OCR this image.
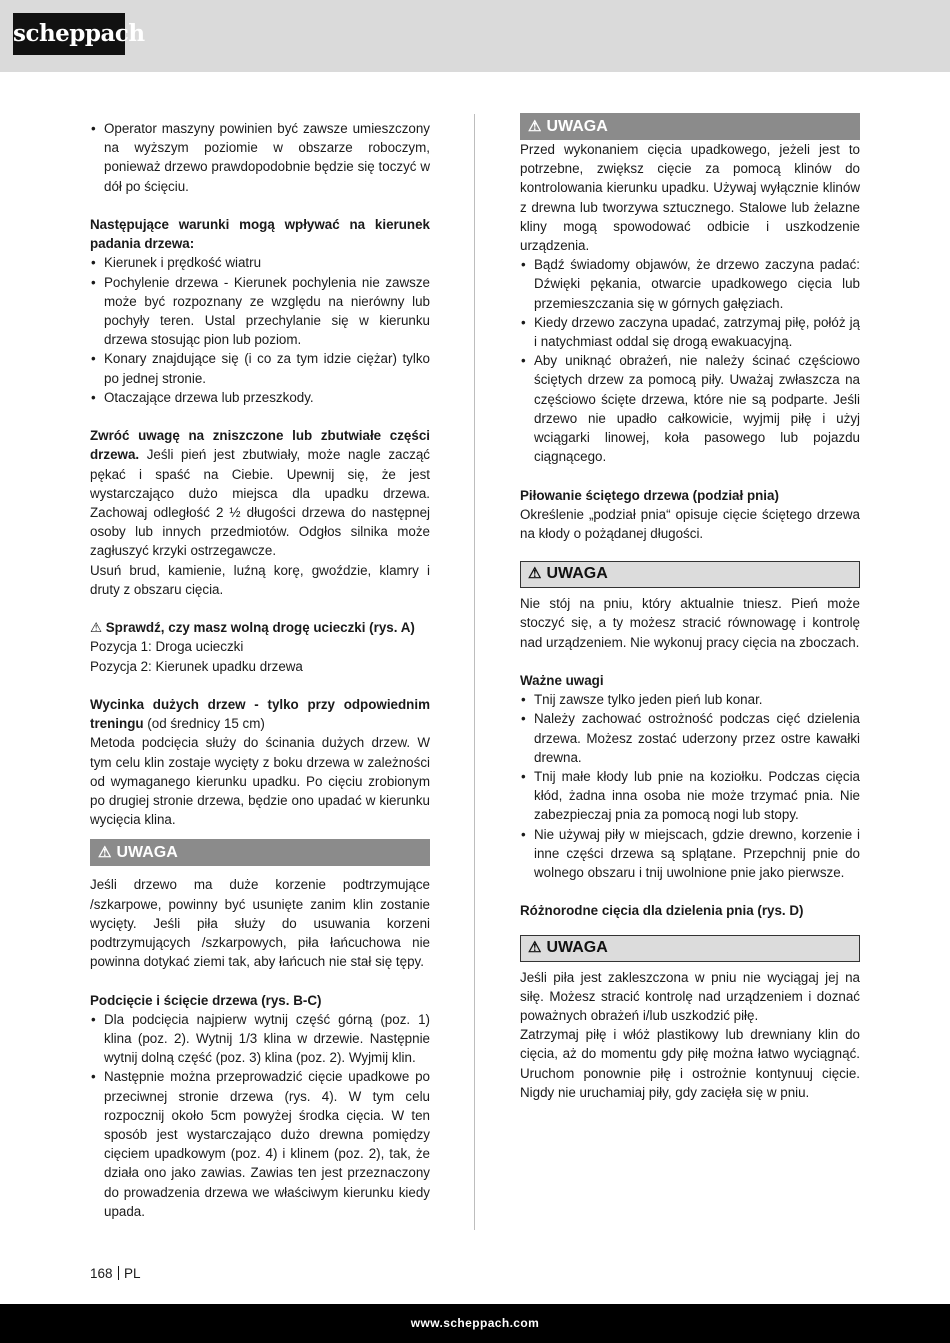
scheppach
• Operator maszyny powinien być zawsze umieszczony na wyższym poziomie w obszarze roboczym, ponieważ drzewo prawdopodobnie będzie się toczyć w dół po ścięciu.

Następujące warunki mogą wpływać na kierunek padania drzewa:

• Kierunek i prędkość wiatru
• Pochylenie drzewa - Kierunek pochylenia nie zawsze może być rozpoznany ze względu na nierówny lub pochyły teren. Ustal przechylanie się w kierunku drzewa stosując pion lub poziom.
• Konary znajdujące się (i co za tym idzie ciężar) tylko po jednej stronie.
• Otaczające drzewa lub przeszkody.

Zwróć uwagę na zniszczone lub zbutwiałe części drzewa. Jeśli pień jest zbutwiały, może nagle zacząć pękać i spaść na Ciebie. Upewnij się, że jest wystarczająco dużo miejsca dla upadku drzewa. Zachowaj odległość 2 ½ długości drzewa do następnej osoby lub innych przedmiotów. Odgłos silnika może zagłuszyć krzyki ostrzegawcze.

Usuń brud, kamienie, luźną korę, gwoździe, klamry i druty z obszaru cięcia.

⚠ Sprawdź, czy masz wolną drogę ucieczki (rys. A)

Pozycja 1: Droga ucieczki

Pozycja 2: Kierunek upadku drzewa

Wycinka dużych drzew - tylko przy odpowiednim treningu (od średnicy 15 cm)

Metoda podcięcia służy do ścinania dużych drzew. W tym celu klin zostaje wycięty z boku drzewa w zależności od wymaganego kierunku upadku. Po cięciu zrobionym po drugiej stronie drzewa, będzie ono upadać w kierunku wycięcia klina.

⚠ UWAGA

Jeśli drzewo ma duże korzenie podtrzymujące /szkarpowe, powinny być usunięte zanim klin zostanie wycięty. Jeśli piła służy do usuwania korzeni podtrzymujących /szkarpowych, piła łańcuchowa nie powinna dotykać ziemi tak, aby łańcuch nie stał się tępy.

Podcięcie i ścięcie drzewa (rys. B-C)

• Dla podcięcia najpierw wytnij część górną (poz. 1) klina (poz. 2). Wytnij 1/3 klina w drzewie. Następnie wytnij dolną część (poz. 3) klina (poz. 2). Wyjmij klin.
• Następnie można przeprowadzić cięcie upadkowe po przeciwnej stronie drzewa (rys. 4). W tym celu rozpocznij około 5cm powyżej środka cięcia. W ten sposób jest wystarczająco dużo drewna pomiędzy cięciem upadkowym (poz. 4) i klinem (poz. 2), tak, że działa ono jako zawias. Zawias ten jest przeznaczony do prowadzenia drzewa we właściwym kierunku kiedy upada.
⚠ UWAGA

Przed wykonaniem cięcia upadkowego, jeżeli jest to potrzebne, zwiększ cięcie za pomocą klinów do kontrolowania kierunku upadku. Używaj wyłącznie klinów z drewna lub tworzywa sztucznego. Stalowe lub żelazne kliny mogą spowodować odbicie i uszkodzenie urządzenia.

• Bądź świadomy objawów, że drzewo zaczyna padać: Dźwięki pękania, otwarcie upadkowego cięcia lub przemieszczania się w górnych gałęziach.
• Kiedy drzewo zaczyna upadać, zatrzymaj piłę, połóż ją i natychmiast oddal się drogą ewakuacyjną.
• Aby uniknąć obrażeń, nie należy ścinać częściowo ściętych drzew za pomocą piły. Uważaj zwłaszcza na częściowo ścięte drzewa, które nie są podparte. Jeśli drzewo nie upadło całkowicie, wyjmij piłę i użyj wciągarki linowej, koła pasowego lub pojazdu ciągnącego.

Piłowanie ściętego drzewa (podział pnia)

Określenie „podział pnia“ opisuje cięcie ściętego drzewa na kłody o pożądanej długości.

⚠ UWAGA

Nie stój na pniu, który aktualnie tniesz. Pień może stoczyć się, a ty możesz stracić równowagę i kontrolę nad urządzeniem. Nie wykonuj pracy cięcia na zboczach.

Ważne uwagi

• Tnij zawsze tylko jeden pień lub konar.
• Należy zachować ostrożność podczas cięć dzielenia drzewa. Możesz zostać uderzony przez ostre kawałki drewna.
• Tnij małe kłody lub pnie na koziołku. Podczas cięcia kłód, żadna inna osoba nie może trzymać pnia. Nie zabezpieczaj pnia za pomocą nogi lub stopy.
• Nie używaj piły w miejscach, gdzie drewno, korzenie i inne części drzewa są splątane. Przepchnij pnie do wolnego obszaru i tnij uwolnione pnie jako pierwsze.

Różnorodne cięcia dla dzielenia pnia (rys. D)

⚠ UWAGA

Jeśli piła jest zakleszczona w pniu nie wyciągaj jej na siłę. Możesz stracić kontrolę nad urządzeniem i doznać poważnych obrażeń i/lub uszkodzić piłę.

Zatrzymaj piłę i włóż plastikowy lub drewniany klin do cięcia, aż do momentu gdy piłę można łatwo wyciągnąć. Uruchom ponownie piłę i ostrożnie kontynuuj cięcie. Nigdy nie uruchamiaj piły, gdy zacięła się w pniu.

168 PL
www.scheppach.com
